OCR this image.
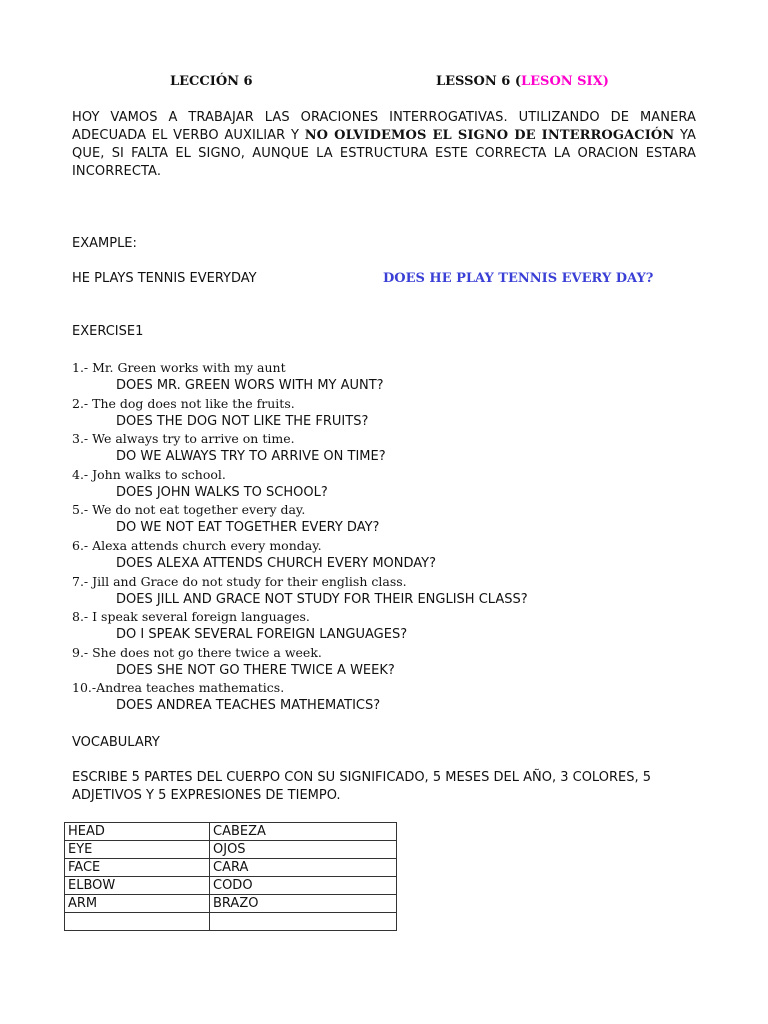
LECCIÓN 6	LESSON 6 (LESON SIX)
HOY VAMOS A TRABAJAR LAS ORACIONES INTERROGATIVAS. UTILIZANDO DE MANERA ADECUADA EL VERBO AUXILIAR Y NO OLVIDEMOS EL SIGNO DE INTERROGACIÓN YA QUE, SI FALTA EL SIGNO, AUNQUE LA ESTRUCTURA ESTE CORRECTA LA ORACION ESTARA INCORRECTA.
EXAMPLE:
HE PLAYS TENNIS EVERYDAY	DOES HE PLAY TENNIS EVERY DAY?
EXERCISE1
1.- Mr. Green works with my aunt
DOES MR. GREEN WORS WITH MY AUNT?
2.- The dog does not like the fruits.
DOES THE DOG NOT LIKE THE FRUITS?
3.- We always try to arrive on time.
DO WE ALWAYS TRY TO ARRIVE ON TIME?
4.- John walks to school.
DOES JOHN WALKS TO SCHOOL?
5.- We do not eat together every day.
DO WE NOT EAT TOGETHER EVERY DAY?
6.- Alexa attends church every monday.
DOES ALEXA ATTENDS CHURCH EVERY MONDAY?
7.- Jill and Grace do not study for their english class.
DOES JILL AND GRACE NOT STUDY FOR THEIR ENGLISH CLASS?
8.- I speak several foreign languages.
DO I SPEAK SEVERAL FOREIGN LANGUAGES?
9.- She does not go there twice a week.
DOES SHE NOT GO THERE TWICE A WEEK?
10.-Andrea teaches mathematics.
DOES ANDREA TEACHES MATHEMATICS?
VOCABULARY
ESCRIBE 5 PARTES DEL CUERPO CON SU SIGNIFICADO, 5 MESES DEL AÑO, 3 COLORES, 5 ADJETIVOS Y 5 EXPRESIONES DE TIEMPO.
HEAD	CABEZA
EYE	OJOS
FACE	CARA
ELBOW	CODO
ARM	BRAZO
